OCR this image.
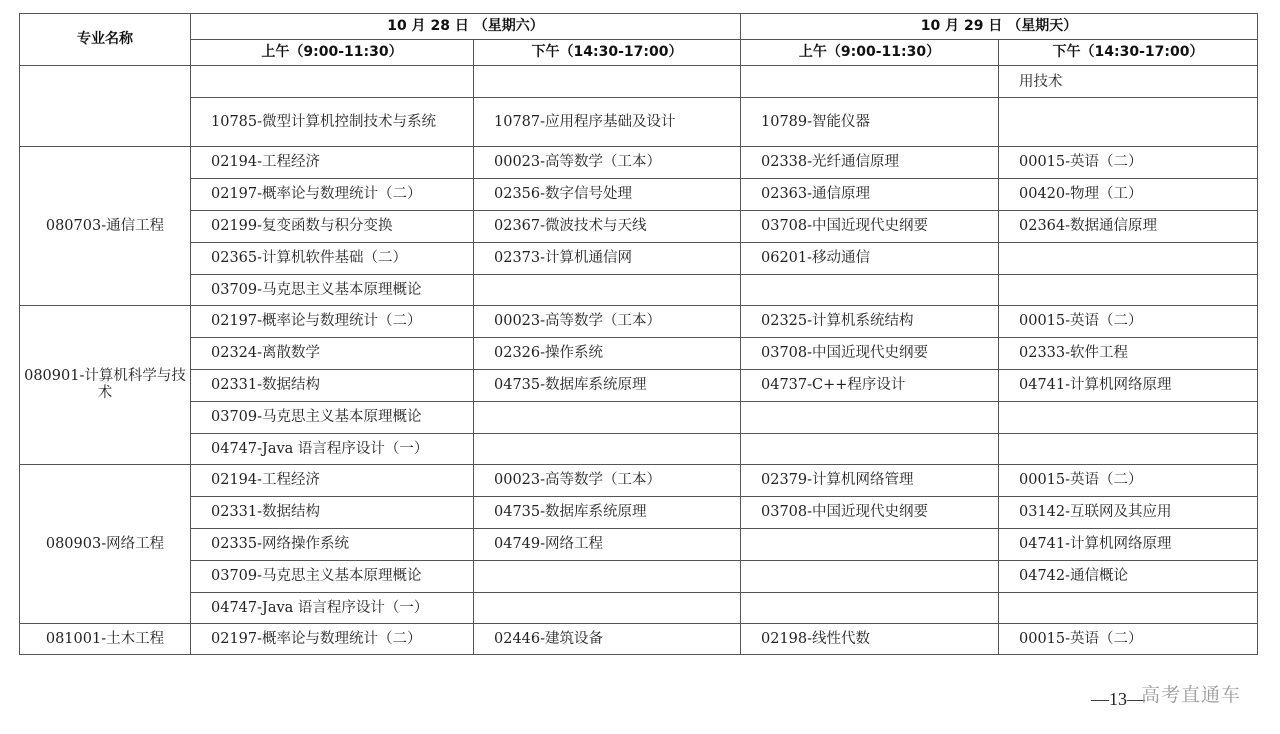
专业名称	10 月 28 日 （星期六）		10 月 29 日 （星期天）	
	上午（9:00-11:30）	下午（14:30-17:00）	上午（9:00-11:30）	下午（14:30-17:00）
				用技术
	10785-微型计算机控制技术与系统	10787-应用程序基础及设计	10789-智能仪器	
080703-通信工程	02194-工程经济	00023-高等数学（工本）	02338-光纤通信原理	00015-英语（二）
	02197-概率论与数理统计（二）	02356-数字信号处理	02363-通信原理	00420-物理（工）
	02199-复变函数与积分变换	02367-微波技术与天线	03708-中国近现代史纲要	02364-数据通信原理
	02365-计算机软件基础（二）	02373-计算机通信网	06201-移动通信	
	03709-马克思主义基本原理概论			
080901-计算机科学与技术	02197-概率论与数理统计（二）	00023-高等数学（工本）	02325-计算机系统结构	00015-英语（二）
	02324-离散数学	02326-操作系统	03708-中国近现代史纲要	02333-软件工程
	02331-数据结构	04735-数据库系统原理	04737-C++程序设计	04741-计算机网络原理
	03709-马克思主义基本原理概论			
	04747-Java 语言程序设计（一）			
080903-网络工程	02194-工程经济	00023-高等数学（工本）	02379-计算机网络管理	00015-英语（二）
	02331-数据结构	04735-数据库系统原理	03708-中国近现代史纲要	03142-互联网及其应用
	02335-网络操作系统	04749-网络工程		04741-计算机网络原理
	03709-马克思主义基本原理概论			04742-通信概论
	04747-Java 语言程序设计（一）			
081001-土木工程	02197-概率论与数理统计（二）	02446-建筑设备	02198-线性代数	00015-英语（二）
—13—
高考直通车
